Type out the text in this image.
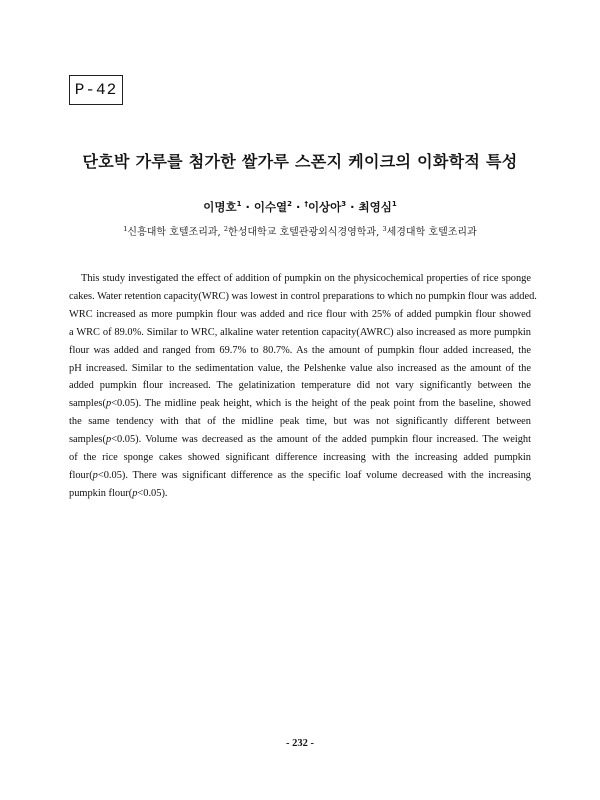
P-42
단호박 가루를 첨가한 쌀가루 스폰지 케이크의 이화학적 특성
이명호$^1$ · 이수열$^2$ · †이상아$^3$ · 최영심$^1$
$^1$신흥대학 호텔조리과, $^2$한성대학교 호텔관광외식경영학과, $^3$세경대학 호텔조리과
This study investigated the effect of addition of pumpkin on the physicochemical properties of rice sponge
cakes. Water retention capacity(WRC) was lowest in control preparations to which no pumpkin flour was added.
WRC increased as more pumpkin flour was added and rice flour with 25% of added pumpkin flour showed
a WRC of 89.0%. Similar to WRC, alkaline water retention capacity(AWRC) also increased as more pumpkin
flour was added and ranged from 69.7% to 80.7%. As the amount of pumpkin flour added increased, the
pH increased. Similar to the sedimentation value, the Pelshenke value also increased as the amount of the
added pumpkin flour increased. The gelatinization temperature did not vary significantly between the
samples(p<0.05). The midline peak height, which is the height of the peak point from the baseline, showed
the same tendency with that of the midline peak time, but was not significantly different between
samples(p<0.05). Volume was decreased as the amount of the added pumpkin flour increased. The weight
of the rice sponge cakes showed significant difference increasing with the increasing added pumpkin
flour(p<0.05). There was significant difference as the specific loaf volume decreased with the increasing
pumpkin flour(p<0.05).
- 232 -
